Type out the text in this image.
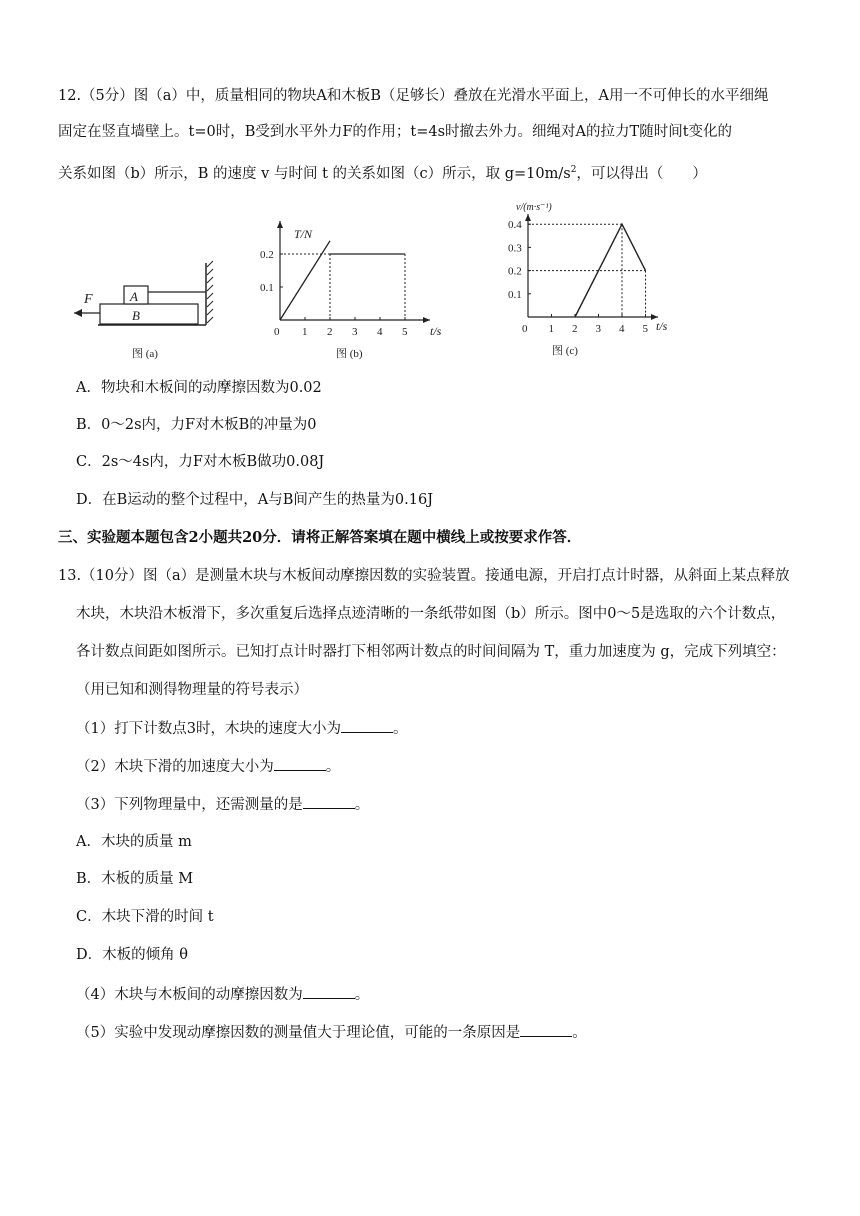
12.（5分）图（a）中，质量相同的物块A和木板B（足够长）叠放在光滑水平面上，A用一不可伸长的水平细绳
固定在竖直墙壁上。t=0时，B受到水平外力F的作用；t=4s时撤去外力。细绳对A的拉力T随时间t变化的
关系如图（b）所示，B 的速度 v 与时间 t 的关系如图（c）所示，取 $g=10m/s^2$，可以得出（　　）
F	A
B
图 (a)
0 1 2 3 4 5
0.1
0.2
T/N
t/s
图 (b)
0 1 2 3 4 5
0.1
0.2
0.3
0.4
v/(m·s⁻¹)
t/s
图 (c)
A．物块和木板间的动摩擦因数为0.02
B．0～2s内，力F对木板B的冲量为0
C．2s～4s内，力F对木板B做功0.08J
D．在B运动的整个过程中，A与B间产生的热量为0.16J
三、实验题本题包含2小题共20分．请将正解答案填在题中横线上或按要求作答．
13.（10分）图（a）是测量木块与木板间动摩擦因数的实验装置。接通电源，开启打点计时器，从斜面上某点释放
木块，木块沿木板滑下，多次重复后选择点迹清晰的一条纸带如图（b）所示。图中0～5是选取的六个计数点，
各计数点间距如图所示。已知打点计时器打下相邻两计数点的时间间隔为 T，重力加速度为 g，完成下列填空：
（用已知和测得物理量的符号表示）
（1）打下计数点3时，木块的速度大小为	。
（2）木块下滑的加速度大小为	。
（3）下列物理量中，还需测量的是	。
A．木块的质量 m
B．木板的质量 M
C．木块下滑的时间 t
D．木板的倾角 θ
（4）木块与木板间的动摩擦因数为	。
（5）实验中发现动摩擦因数的测量值大于理论值，可能的一条原因是	。
